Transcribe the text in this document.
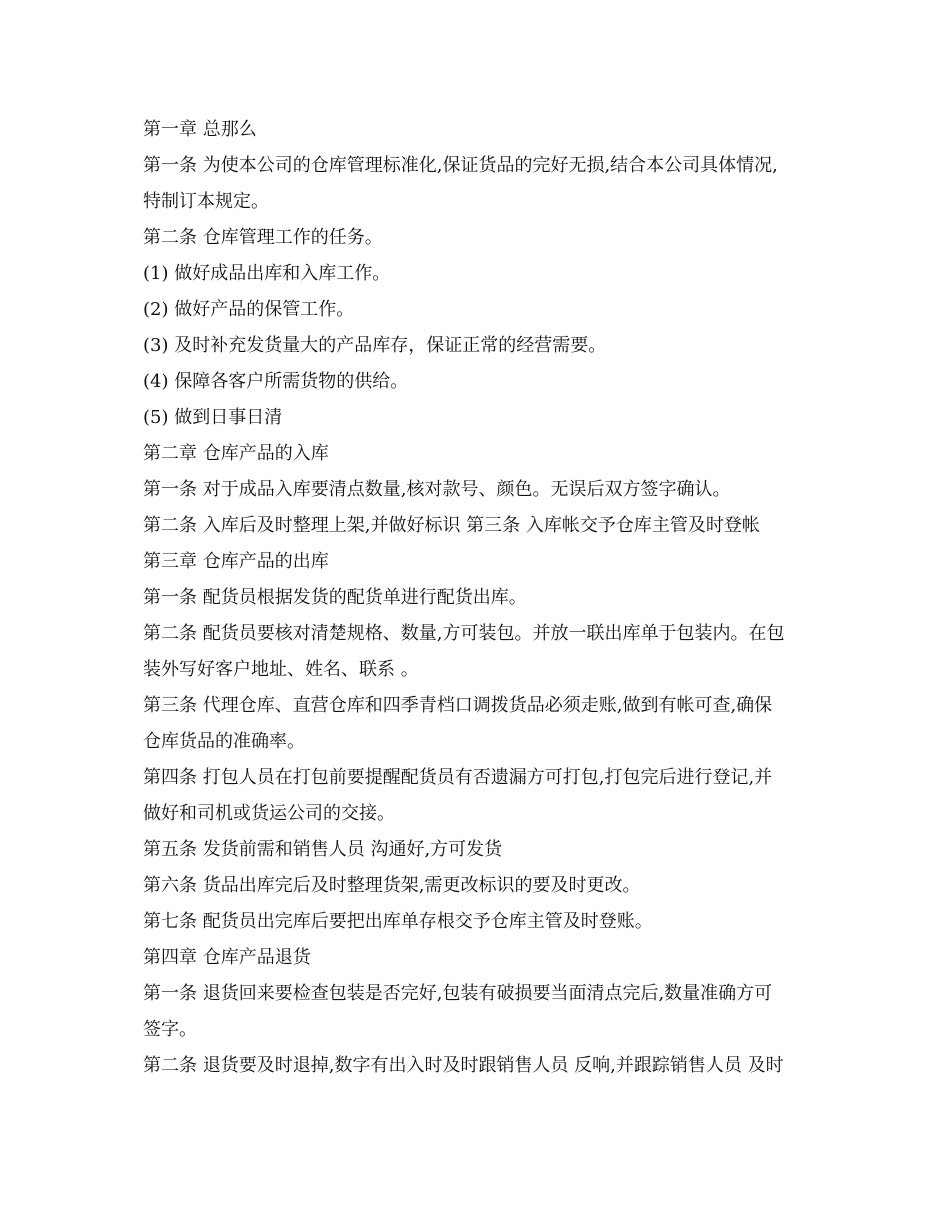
第一章 总那么
第一条 为使本公司的仓库管理标准化,保证货品的完好无损,结合本公司具体情况,
特制订本规定。
第二条 仓库管理工作的任务。
(1) 做好成品出库和入库工作。
(2) 做好产品的保管工作。
(3) 及时补充发货量大的产品库存，保证正常的经营需要。
(4) 保障各客户所需货物的供给。
(5) 做到日事日清
第二章 仓库产品的入库
第一条 对于成品入库要清点数量,核对款号、颜色。无误后双方签字确认。
第二条 入库后及时整理上架,并做好标识 第三条 入库帐交予仓库主管及时登帐
第三章 仓库产品的出库
第一条 配货员根据发货的配货单进行配货出库。
第二条 配货员要核对清楚规格、数量,方可装包。并放一联出库单于包装内。在包
装外写好客户地址、姓名、联系 。
第三条 代理仓库、直营仓库和四季青档口调拨货品必须走账,做到有帐可查,确保
仓库货品的准确率。
第四条 打包人员在打包前要提醒配货员有否遗漏方可打包,打包完后进行登记,并
做好和司机或货运公司的交接。
第五条 发货前需和销售人员 沟通好,方可发货
第六条 货品出库完后及时整理货架,需更改标识的要及时更改。
第七条 配货员出完库后要把出库单存根交予仓库主管及时登账。
第四章 仓库产品退货
第一条 退货回来要检查包装是否完好,包装有破损要当面清点完后,数量准确方可
签字。
第二条 退货要及时退掉,数字有出入时及时跟销售人员 反响,并跟踪销售人员 及时
